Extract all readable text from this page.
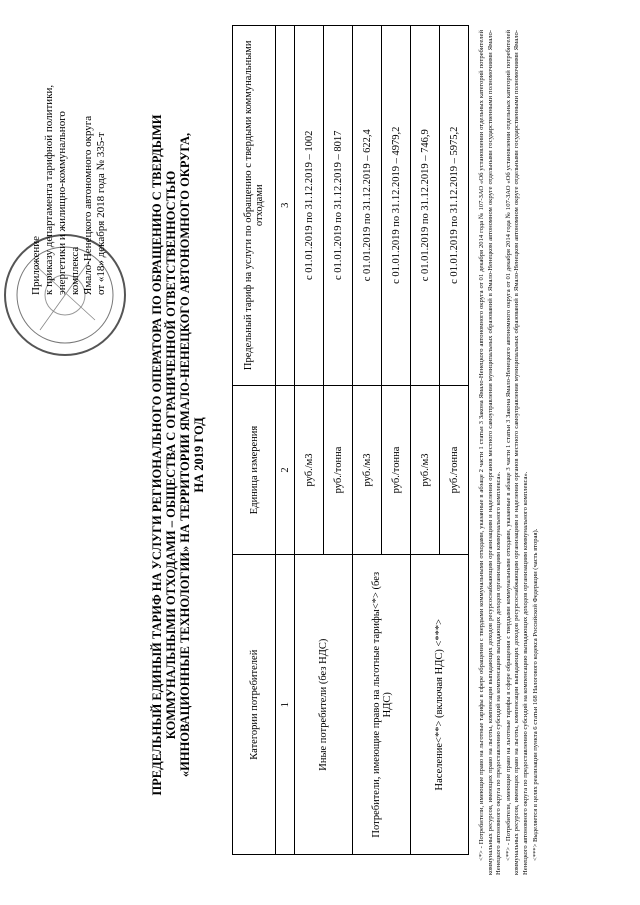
Приложение к приказу департамента тарифной политики, энергетики и жилищно-коммунального комплекса Ямало-Ненецкого автономного округа от «18» декабря 2018 года № 335-т	ПРЕДЕЛЬНЫЙ ЕДИНЫЙ ТАРИФ НА УСЛУГИ РЕГИОНАЛЬНОГО ОПЕРАТОРА ПО ОБРАЩЕНИЮ С ТВЕРДЫМИ КОММУНАЛЬНЫМИ ОТХОДАМИ – ОБЩЕСТВА С ОГРАНИЧЕННОЙ ОТВЕТСТВЕННОСТЬЮ «ИННОВАЦИОННЫЕ ТЕХНОЛОГИИ» НА ТЕРРИТОРИИ ЯМАЛО-НЕНЕЦКОГО АВТОНОМНОГО ОКРУГА, НА 2019 ГОД
Категории потребителей	Единица измерения	Предельный тариф на услуги по обращению с твердыми коммунальными отходами
1	2	3
Иные потребители (без НДС)	руб./м3	с 01.01.2019 по 31.12.2019 – 1002
	руб./тонна	с 01.01.2019 по 31.12.2019 – 8017
Потребители, имеющие право на льготные тарифы<*> (без НДС)	руб./м3	с 01.01.2019 по 31.12.2019 – 622,4
	руб./тонна	с 01.01.2019 по 31.12.2019 – 4979,2
Население<**> (включая НДС) <***>	руб./м3	с 01.01.2019 по 31.12.2019 – 746,9
	руб./тонна	с 01.01.2019 по 31.12.2019 – 5975,2	<*> - Потребители, имеющие право на льготные тарифы в сфере обращения с твердыми коммунальными отходами, указанные в абзаце 2 части 1 статьи 3 Закона Ямало-Ненецкого автономного округа от 01 декабря 2014 года № 107-ЗАО «Об установлении отдельных категорий потребителей коммунальных ресурсов, имеющих право на льготы, компенсации выпадающих доходов ресурсоснабжающим организациям и наделении органов местного самоуправления муниципальных образований в Ямало-Ненецком автономном округе отдельными государственными полномочиями Ямало-Ненецкого автономного округа по предоставлению субсидий на компенсацию выпадающих доходов организациям коммунального комплекса». <**> - Потребители, имеющие право на льготные тарифы в сфере обращения с твердыми коммунальными отходами, указанные в абзаце 3 части 1 статьи 3 Закона Ямало-Ненецкого автономного округа от 01 декабря 2014 года № 107-ЗАО «Об установлении отдельных категорий потребителей коммунальных ресурсов, имеющих право на льготы, компенсации выпадающих доходов ресурсоснабжающим организациям и наделении органов местного самоуправления муниципальных образований в Ямало-Ненецком автономном округе отдельными государственными полномочиями Ямало-Ненецкого автономного округа по предоставлению субсидий на компенсацию выпадающих доходов организациям коммунального комплекса». <***> Выделяется в целях реализации пункта 6 статьи 168 Налогового кодекса Российской Федерации (часть вторая).
